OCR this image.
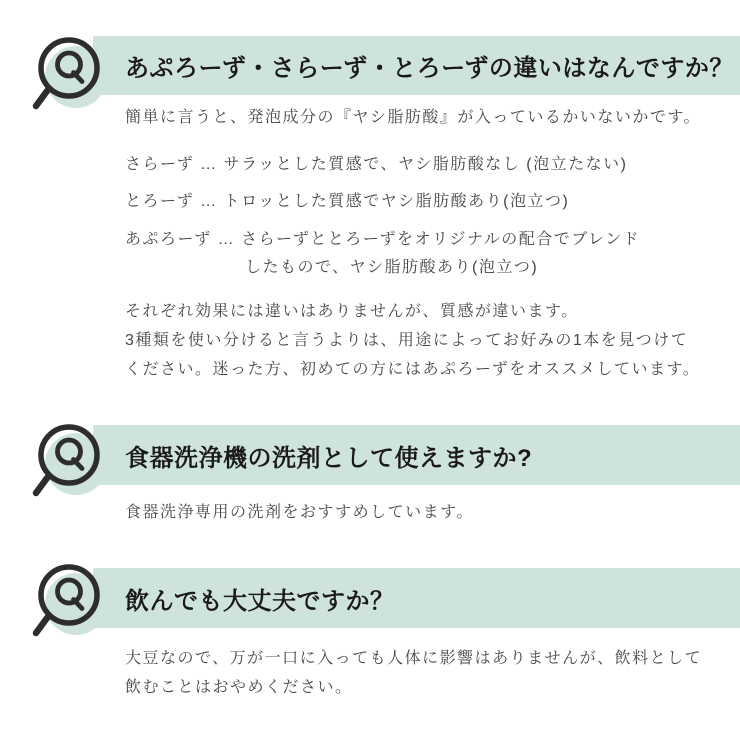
あぷろーず・さらーず・とろーずの違いはなんですか？

簡単に言うと、発泡成分の『ヤシ脂肪酸』が入っているかいないかです。

さらーず … サラッとした質感で、ヤシ脂肪酸なし (泡立たない)

とろーず … トロッとした質感でヤシ脂肪酸あり(泡立つ)

あぷろーず … さらーずととろーずをオリジナルの配合でブレンド

したもので、ヤシ脂肪酸あり(泡立つ)

それぞれ効果には違いはありませんが、質感が違います。

3種類を使い分けると言うよりは、用途によってお好みの1本を見つけて

ください。迷った方、初めての方にはあぷろーずをオススメしています。

食器洗浄機の洗剤として使えますか?

食器洗浄専用の洗剤をおすすめしています。

飲んでも大丈夫ですか？

大豆なので、万が一口に入っても人体に影響はありませんが、飲料として

飲むことはおやめください。
